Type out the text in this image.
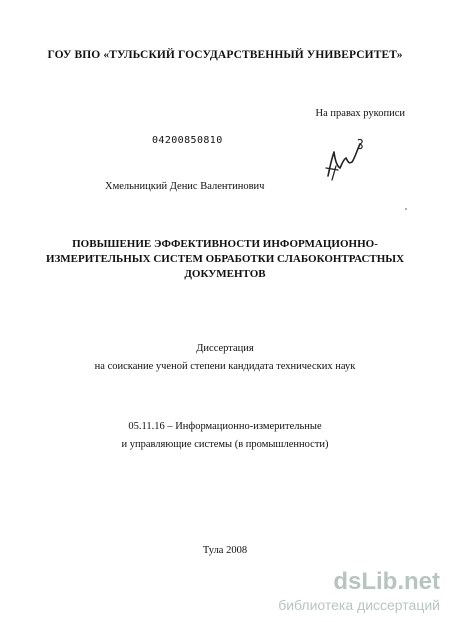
ГОУ ВПО «ТУЛЬСКИЙ ГОСУДАРСТВЕННЫЙ УНИВЕРСИТЕТ»
На правах рукописи
04200850810
Хмельницкий Денис Валентинович
ПОВЫШЕНИЕ ЭФФЕКТИВНОСТИ ИНФОРМАЦИОННО-
ИЗМЕРИТЕЛЬНЫХ СИСТЕМ ОБРАБОТКИ СЛАБОКОНТРАСТНЫХ
ДОКУМЕНТОВ
Диссертация
на соискание ученой степени кандидата технических наук
05.11.16 – Информационно-измерительные
и управляющие системы (в промышленности)
Тула 2008
dsLib.net
библиотека диссертаций
